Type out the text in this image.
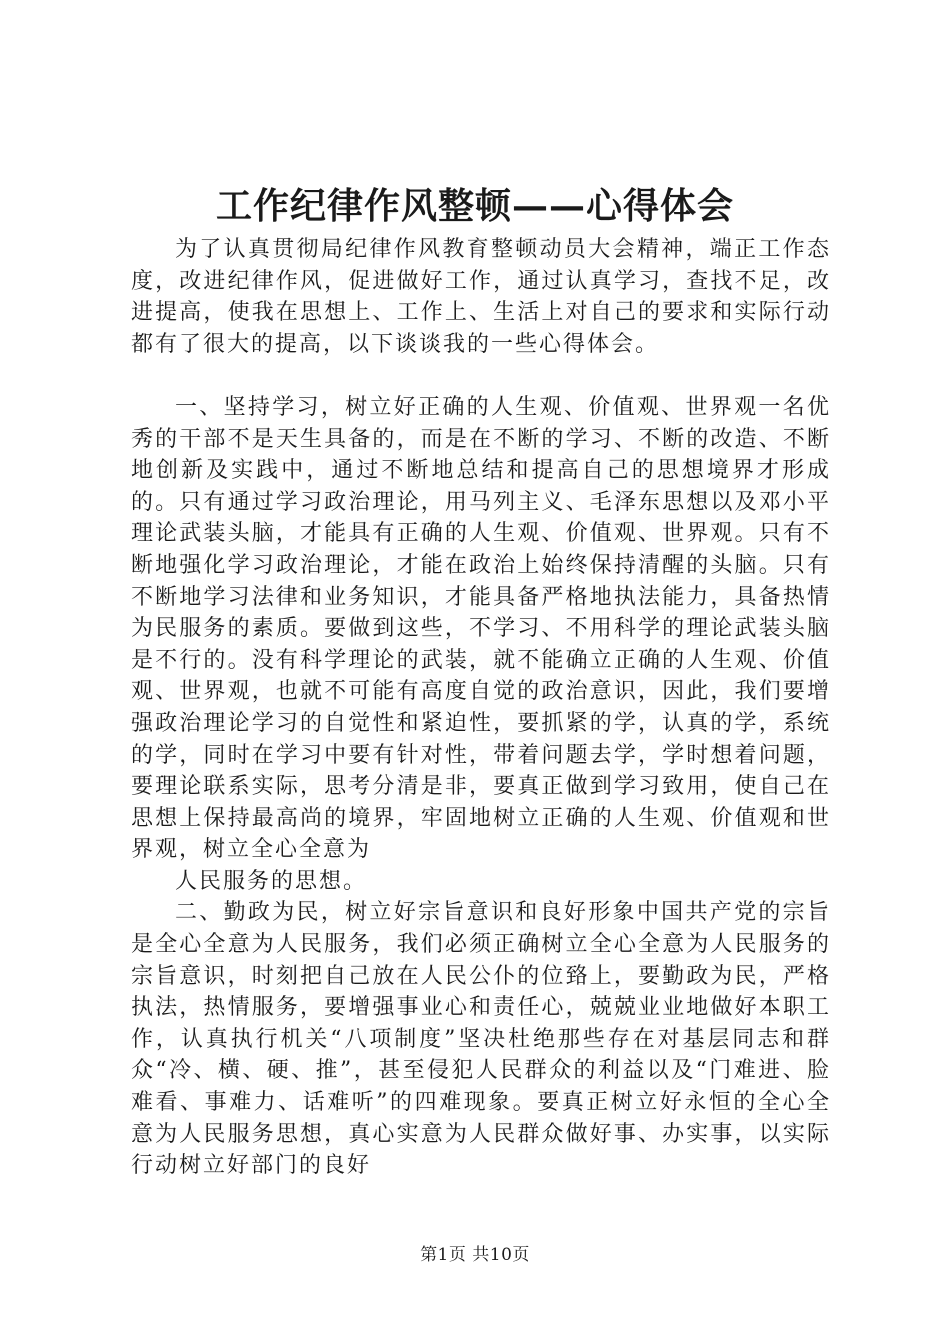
工作纪律作风整顿——心得体会

为了认真贯彻局纪律作风教育整顿动员大会精神，端正工作态度，改进纪律作风，促进做好工作，通过认真学习，查找不足，改进提高，使我在思想上、工作上、生活上对自己的要求和实际行动都有了很大的提高，以下谈谈我的一些心得体会。

一、坚持学习，树立好正确的人生观、价值观、世界观一名优秀的干部不是天生具备的，而是在不断的学习、不断的改造、不断地创新及实践中，通过不断地总结和提高自己的思想境界才形成的。只有通过学习政治理论，用马列主义、毛泽东思想以及邓小平理论武装头脑，才能具有正确的人生观、价值观、世界观。只有不断地强化学习政治理论，才能在政治上始终保持清醒的头脑。只有不断地学习法律和业务知识，才能具备严格地执法能力，具备热情为民服务的素质。要做到这些，不学习、不用科学的理论武装头脑是不行的。没有科学理论的武装，就不能确立正确的人生观、价值观、世界观，也就不可能有高度自觉的政治意识，因此，我们要增强政治理论学习的自觉性和紧迫性，要抓紧的学，认真的学，系统的学，同时在学习中要有针对性，带着问题去学，学时想着问题，要理论联系实际，思考分清是非，要真正做到学习致用，使自己在思想上保持最高尚的境界，牢固地树立正确的人生观、价值观和世界观，树立全心全意为

人民服务的思想。

二、勤政为民，树立好宗旨意识和良好形象中国共产党的宗旨是全心全意为人民服务，我们必须正确树立全心全意为人民服务的宗旨意识，时刻把自己放在人民公仆的位臵上，要勤政为民，严格执法，热情服务，要增强事业心和责任心，兢兢业业地做好本职工作，认真执行机关“八项制度”坚决杜绝那些存在对基层同志和群众“冷、横、硬、推”，甚至侵犯人民群众的利益以及“门难进、脸难看、事难力、话难听”的四难现象。要真正树立好永恒的全心全意为人民服务思想，真心实意为人民群众做好事、办实事，以实际行动树立好部门的良好

第1页 共10页
